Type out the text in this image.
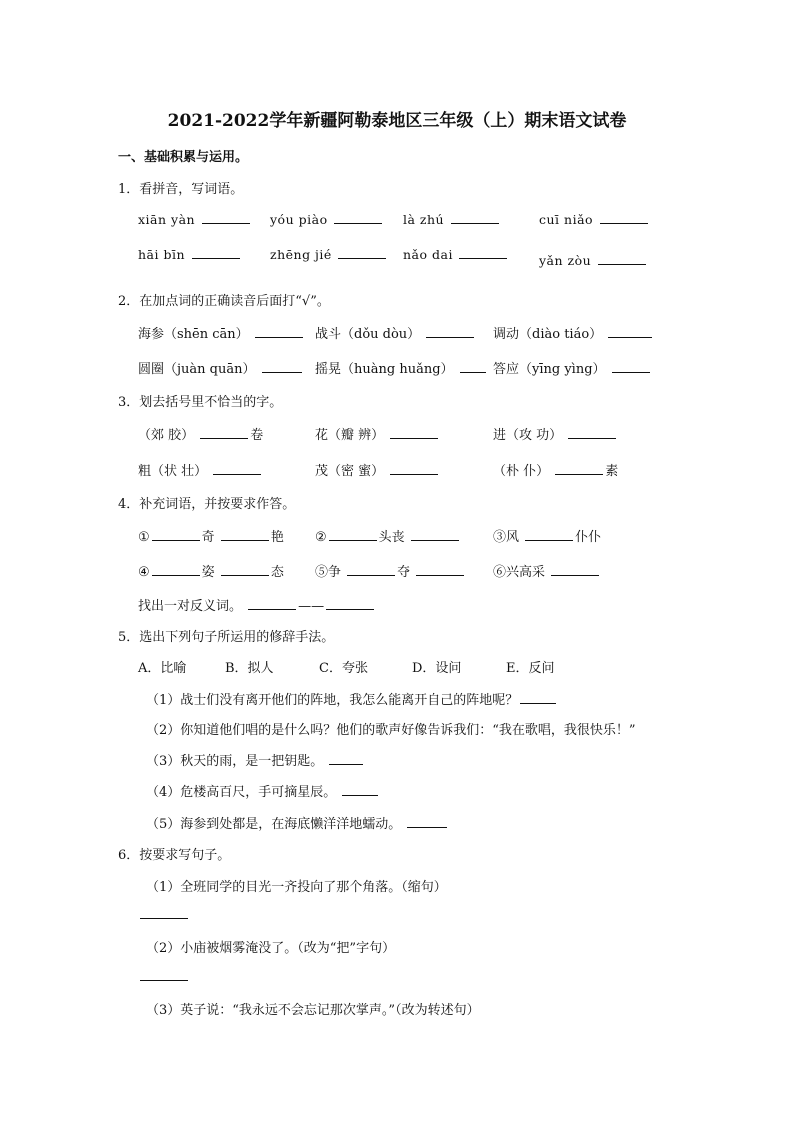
2021-2022学年新疆阿勒泰地区三年级（上）期末语文试卷
一、基础积累与运用。
1．看拼音，写词语。
xiān yàn	yóu piào	là zhú	cuī niǎo
hāi bīn	zhēng jié	nǎo dai	yǎn zòu
2．在加点词的正确读音后面打“√”。
海参（shēn cān）	战斗（dǒu dòu）	调动（diào tiáo）
圆圈（juàn quān）	摇晃（huàng huǎng）	答应（yīng yìng）
3．划去括号里不恰当的字。
（郊 胶）	卷	花（瓣 辨）	进（攻 功）
粗（状 壮）	茂（密 蜜）	（朴 仆）	素
4．补充词语，并按要求作答。
①	奇	艳 ②	头丧	③风	仆仆
④	姿	态 ⑤争	夺	⑥兴高采
找出一对反义词。	——
5．选出下列句子所运用的修辞手法。
A．比喻	B．拟人	C．夸张	D．设问	E．反问
（1）战士们没有离开他们的阵地，我怎么能离开自己的阵地呢？
（2）你知道他们唱的是什么吗？他们的歌声好像告诉我们：“我在歌唱，我很快乐！”
（3）秋天的雨，是一把钥匙。
（4）危楼高百尺，手可摘星辰。
（5）海参到处都是，在海底懒洋洋地蠕动。
6．按要求写句子。
（1）全班同学的目光一齐投向了那个角落。（缩句）
（2）小庙被烟雾淹没了。（改为“把”字句）
（3）英子说：“我永远不会忘记那次掌声。”（改为转述句）
